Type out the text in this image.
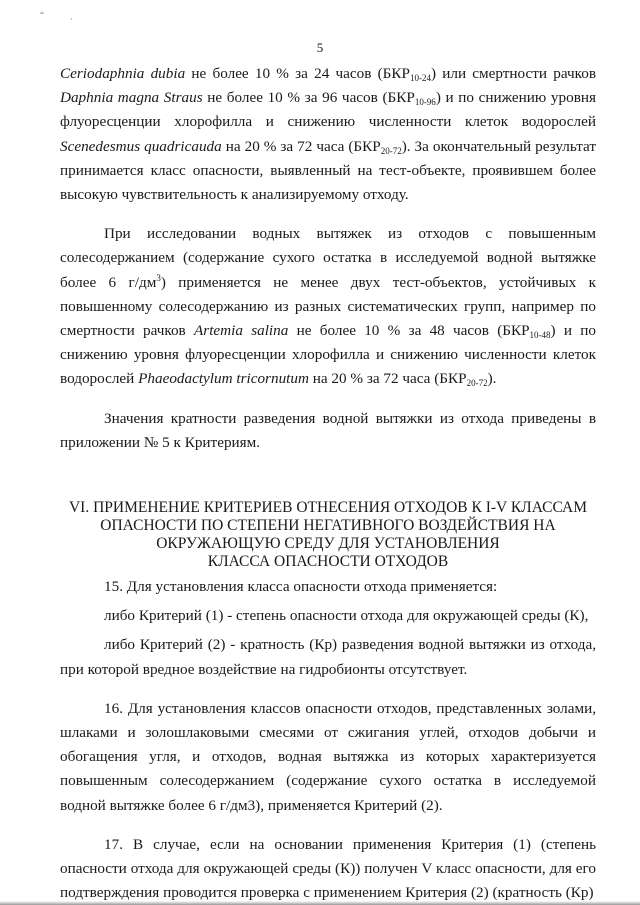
“	·
5

Ceriodaphnia dubia не более 10 % за 24 часов $(БКР_{10-24})$ или смертности рачков Daphnia magna Straus не более 10 % за 96 часов $(БКР_{10-96})$ и по снижению уровня флуоресценции хлорофилла и снижению численности клеток водорослей Scenedesmus quadricauda на 20 % за 72 часа $(БКР_{20-72})$. За окончательный результат принимается класс опасности, выявленный на тест-объекте, проявившем более высокую чувствительность к анализируемому отходу.

При исследовании водных вытяжек из отходов с повышенным солесодержанием (содержание сухого остатка в исследуемой водной вытяжке более 6 $г/дм^3$) применяется не менее двух тест-объектов, устойчивых к повышенному солесодержанию из разных систематических групп, например по смертности рачков Artemia salina не более 10 % за 48 часов $(БКР_{10-48})$ и по снижению уровня флуоресценции хлорофилла и снижению численности клеток водорослей Phaeodactylum tricornutum на 20 % за 72 часа $(БКР_{20-72})$.

Значения кратности разведения водной вытяжки из отхода приведены в приложении № 5 к Критериям.

VI. ПРИМЕНЕНИЕ КРИТЕРИЕВ ОТНЕСЕНИЯ ОТХОДОВ К I-V КЛАССАМ
ОПАСНОСТИ ПО СТЕПЕНИ НЕГАТИВНОГО ВОЗДЕЙСТВИЯ НА
ОКРУЖАЮЩУЮ СРЕДУ ДЛЯ УСТАНОВЛЕНИЯ
КЛАССА ОПАСНОСТИ ОТХОДОВ

15. Для установления класса опасности отхода применяется:

либо Критерий (1) - степень опасности отхода для окружающей среды (К),

либо Критерий (2) - кратность (Кр) разведения водной вытяжки из отхода, при которой вредное воздействие на гидробионты отсутствует.

16. Для установления классов опасности отходов, представленных золами, шлаками и золошлаковыми смесями от сжигания углей, отходов добычи и обогащения угля, и отходов, водная вытяжка из которых характеризуется повышенным солесодержанием (содержание сухого остатка в исследуемой водной вытяжке более 6 г/дм3), применяется Критерий (2).

17. В случае, если на основании применения Критерия (1) (степень опасности отхода для окружающей среды (К)) получен V класс опасности, для его подтверждения проводится проверка с применением Критерия (2) (кратность (Кр)
